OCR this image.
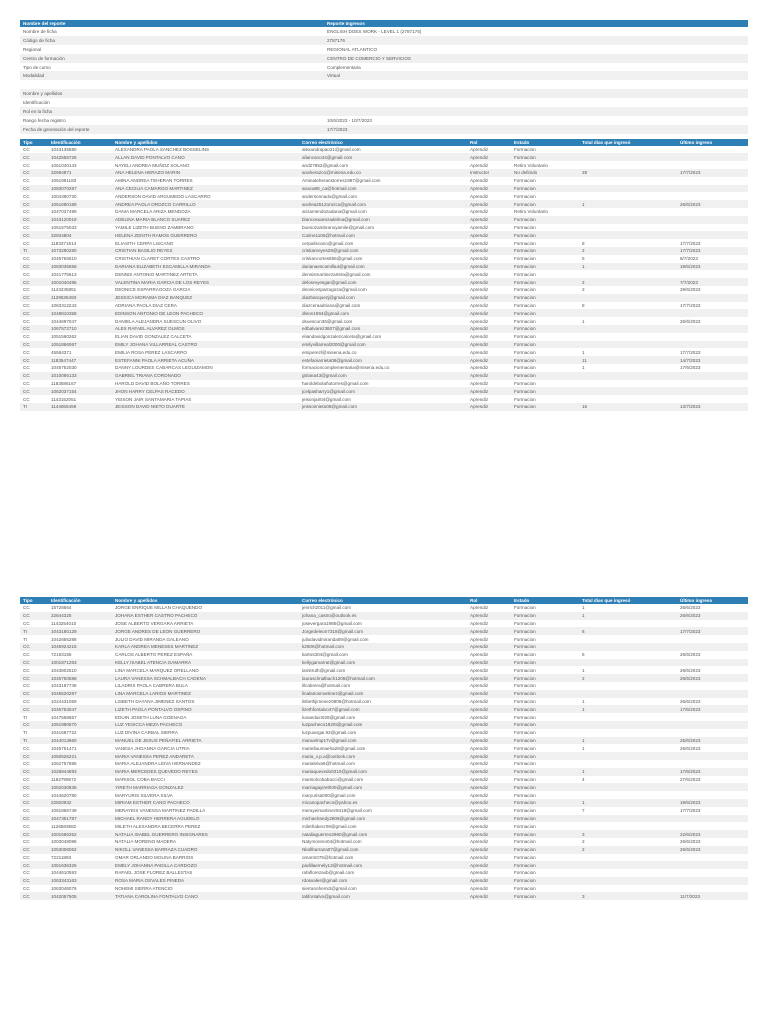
Nombre del reporte	Reporte Ingresos
Nombre de ficha	ENGLISH DOES WORK - LEVEL 1 (2787176)
Código de ficha	2787176
Regional	REGIONAL ATLANTICO
Centro de formación	CENTRO DE COMERCIO Y SERVICIOS
Tipo de curso	Complementaria
Modalidad	Virtual
Nombre y apellidos
Identificación
Rol en la ficha
Rango fecha registro	10/6/2023 - 10/7/2023
Fecha de generación del reporte	17/7/2023
Tipo	Identificación	Nombre y apellidos	Correo electrónico	Rol	Estado	Total días que ingresó	Último ingreso
CC	1043135580	ALEXANDRA PAOLA SANCHEZ BOSSELINS	alexandrapao21@gmail.com	Aprendiz	Formacion		
CC	1042555726	ALLAN DAVID PONTALVO CANO	allancano44@gmail.com	Aprendiz	Formacion		
CC	1061040143	NAYELI ANDREA MUÑOZ SOLANO	and27852@gmail.com	Aprendiz	Retiro Voluntario		
CC	32694871	ANA HELENA HERAZO MARIN	anaherazo1@misena.edu.co	Instructor	No definido	28	17/7/2023
CC	1051991183	AMINA ANDREA TEHERAN TORRES	Aminateheranstorres1987@gmail.com	Aprendiz	Formacion		
CC	1083070287	ANA CECILIA CAMARGO MARTINEZ	anaca88_ca@hotmail.com	Aprendiz	Formacion		
CC	1004380730	ANDERSON DAVID ARGUMEDO LASCARRO	andersonnadu@gmail.com	Aprendiz	Formacion		
CC	1051690189	ANDREA PAOLA OROZCO CARRILLO	andrea2512orozco@gmail.com	Aprendiz	Formacion	1	26/6/2023
CC	1047037499	DANIA MARCELA ARIZA MENDOZA	arizamendozadana@gmail.com	Aprendiz	Retiro Voluntario		
CC	1043120018	ADELINA MARIA BLANCO SUAREZ	blancosuarezadelina@gmail.com	Aprendiz	Formacion		
CC	1051575033	YAMILE LIZETH BUENO ZAMBRANO	buenozambranoyamile@gmail.com	Aprendiz	Formacion		
CC	32834804	HELENA ZENITH RAMOS GUERRERO	Carine1105@hotmail.com	Aprendiz	Formacion		
CC	1183371614	ELIASITH CERPA LISCANO	cerpaliscano@gmail.com	Aprendiz	Formacion	8	17/7/2023
TI	1073290280	CRISTIAN BASILIO REYES	cristianreyes28@gmail.com	Aprendiz	Formacion	2	17/7/2023
CC	1045765610	CRISTHIAN CLARET CORTES CASTRO	cristiancortes856@gmail.com	Aprendiz	Formacion	5	8/7/2023
CC	1083036658	DARIANA ELIZABETH ESCAMILLA MIRANDA	darianaescamilla4@gmail.com	Aprendiz	Formacion	1	19/6/2023
CC	1041775613	DENNIS ANTONIO MARTINEZ ARTETA	dennismartinezarteta@gmail.com	Aprendiz	Formacion		
CC	1001040485	VALENTINA MARIA GARCIA DE LOS REYES	delosreyesgar@gmail.com	Aprendiz	Formacion	2	7/7/2023
CC	1143235851	DEONICE ESPARRAGOZA GARCIA	deonicesparragoza@gmail.com	Aprendiz	Formacion	2	29/6/2023
CC	1129535493	JESSICA MORAIMA DIAZ BANQUEZ	diazbanquezj@gmail.com	Aprendiz	Formacion		
CC	1063312243	ADRIANA PAOLA DIAZ CERA	diazceraadriana@gmail.com	Aprendiz	Formacion	8	17/7/2023
CC	1048810358	EDINSON ANTONIO DE LEON PACHECO	dleon1594@gmail.com	Aprendiz	Formacion		
CC	1044697047	DANIELA ALEJANDRA SUESCUN OLIVO	dsuescun36@gmail.com	Aprendiz	Formacion	1	26/6/2023
CC	1067572710	ALEX RAFAEL ALVAREZ OLMOS	edbalvarez3607@gmail.com	Aprendiz	Formacion		
CC	1051560262	ELIAN DAVID GONZALEZ CALCETA	eliandavidgonzalezcalceta@gmail.com	Aprendiz	Formacion		
CC	1051866067	EMILY JOHANA VILLARREAL CASTRO	emilyvillarreal2000@gmail.com	Aprendiz	Formacion		
CC	45584371	EMILIA ROSA PEREZ LASCARRO	emiperezl@misena.edu.co	Aprendiz	Formacion	1	17/7/2023
CC	1183547447	ESTEFANNI PAOLA ARRIETA ACUÑA	estefaniarrieta08@gmail.com	Aprendiz	Formacion	11	14/7/2023
CC	1045752030	DANNY LOURDES CABARCAS LEGUIZAMON	formacioncomplementaria@misena.edu.co	Aprendiz	Formacion	1	17/6/2023
CC	1010086133	GABRIEL TRIANA CORONADO	gtriana43@gmail.com	Aprendiz	Formacion		
CC	1183586167	HAROLD DAVID BOLAÑO TORRES	haroldebolañotorres@gmail.com	Aprendiz	Formacion		
CC	1062037154	JHON HARRY CELPAS RACEDO	jcelpasharry1@gmail.com	Aprendiz	Formacion		
CC	1143152051	YEISON JAIR SANTAMARIA TAPIAS	jeisonjair04@gmail.com	Aprendiz	Formacion		
TI	1144065459	JEISSON DAVID NIETO DUARTE	jeissonnieto08@gmail.com	Aprendiz	Formacion	15	13/7/2023
Tipo	Identificación	Nombre y apellidos	Correo electrónico	Rol	Estado	Total días que ingresó	Último ingreso
CC	15728564	JORGE ENRIQUE MILLAN CHAQUENDO	jenrich2011@gmail.com	Aprendiz	Formacion	1	26/6/2023
CC	22644325	JOHANA ESTHER CASTRO PACHECO	johana_castro@outlook.es	Aprendiz	Formacion	1	26/6/2023
CC	1143254010	JOSE ALBERTO VERGARA ARRIETA	josevergara1985@gmail.com	Aprendiz	Formacion		
TI	1043180129	JORGE ANDRES DE LEON GUERRERO	Jorgedeleon7318@gmail.com	Aprendiz	Formacion	6	17/7/2023
TI	1042855288	JULIO DAVID MIRANDA GALEANO	juliodavidmiranda09@gmail.com	Aprendiz	Formacion		
CC	1045924215	KARLA ANDREA MENESES MARTINEZ	k2506@hotmail.com	Aprendiz	Formacion		
CC	72193155	CARLOS ALBERTO PEREZ ESPAÑA	kartos304@gmail.com	Aprendiz	Formacion	5	26/6/2023
CC	1001871263	KELLY ISABEL ATENCIA GAMARRA	kellygamarrat@gmail.com	Aprendiz	Formacion		
CC	1043802510	LINA MARCELA MARQUEZ ORELLANO	lamitruth@gmail.com	Aprendiz	Formacion	1	26/6/2023
CC	1045750588	LAURA VANESSA SCHMALBACH CADENA	laurasclmalbach1208@hotmail.com	Aprendiz	Formacion	2	26/6/2023
CC	1043167748	LILADRIS PAOLA CABRERA BULA	lilcabrera@hotmail.com	Aprendiz	Formacion		
CC	1045520287	LINA MARCELA LARIOS MARTINEZ	linalariosmartinez@gmail.com	Aprendiz	Formacion		
CC	1024431059	LISBETH DAYANA JIMENEZ SANTOS	lisbethjimenez0809@hotmail.com	Aprendiz	Formacion	1	26/6/2023
CC	1045753047	LIZETH PAOLA PONTALVO OSPINO	lizethfontalvo47@gmail.com	Aprendiz	Formacion	1	17/6/2023
TI	1047558667	EDUIN JOSETH LUNA GOENAGA	lunaeduin028@gmail.com	Aprendiz	Formacion		
CC	1051990570	LUZ YESICCA MEZA PACHECO	luzpacheco1820t@gmail.com	Aprendiz	Formacion		
TI	1041687722	LUZ DIVINA CARBAL SIERRA	luzpuangai.93@gmail.com	Aprendiz	Formacion		
TI	1044013660	MANUEL DE JESUS PEÑAFIEL ARRIETA	manuelmp17v@gmail.com	Aprendiz	Formacion	1	25/6/2023
CC	1045751471	VANESA JHOANNA GARCIA UTRIA	mariellaumaeha28@gmail.com	Aprendiz	Formacion	1	26/6/2023
CC	1050525221	MARIA VANESSA PEREZ ANDARETA	maria_v.p.a@outlook.com	Aprendiz	Formacion		
CC	1062757685	MARIA ALEJANDRA LEIVA HERNANDEZ	marialeiva9@hotmail.com	Aprendiz	Formacion		
CC	1026844893	MARIA MERCEDES QUEVEDO REYES	mariaquevedo0310@gmail.com	Aprendiz	Formacion	1	17/6/2023
CC	1182799572	MARISOL COBA BACCI	marisolcobabacci@gmail.com	Aprendiz	Formacion	4	27/6/2023
CC	1052030836	YIRETH MARRIAGA GONZALEZ	marriagayireth00@gmail.com	Aprendiz	Formacion		
CC	1044620780	MARYURIS SILVERA SILVA	maryurisa000@gmail.com	Aprendiz	Formacion		
CC	22820932	MIRIAM ESTHER CANO PACHECO	micanopacheco@yahoo.es	Aprendiz	Formacion	1	19/6/2023
CC	1051866749	MERAYEIS VANESSA MARTINEZ PADILLA	merayeimartinez9418@gmail.com	Aprendiz	Formacion	7	17/7/2023
CC	1047351787	MICHAEL RANDY HERRERA AGUDELO	michaelrandy2608@gmail.com	Aprendiz	Formacion		
CC	1126583682	MILETH ALEXANDRA BECERRA PEREZ	milethabecr09@gmail.com	Aprendiz	Formacion		
CC	1001566252	NATALIA ISABEL GUERRERO INSIGNARES	nataliaguerreo2960@gmail.com	Aprendiz	Formacion	3	22/6/2023
CC	1003048086	NATALIA MORENO MADERA	Natymoreno04@hotmail.com	Aprendiz	Formacion	2	26/6/2023
CC	1053006062	NIKOLL VANESSA BARRAZA CUADRO	Nkollbarraza07@gmail.com	Aprendiz	Formacion	2	26/6/2023
CC	72211893	OMAR ORLANDO MOLINA BARRIOS	omarm075@hotmail.com	Aprendiz	Formacion		
CC	1051636326	EMELY JOHANNA PADILLA CARDOZO	padillaemely13@hotmail.com	Aprendiz	Formacion		
CC	1044610593	RAFAEL JOSE FLOREZ BALLESTAS	rafaflorezaxb@gmail.com	Aprendiz	Formacion		
CC	1063343163	ROSA MARIA OSVALES PINEDA	rdosvales@gmail.com	Aprendiz	Formacion		
CC	1063046076	NOHEMI SIERRA ATENCIO	sierranohemi3@gmail.com	Aprendiz	Formacion		
CC	1042057505	TATIANA CAROLINA FONTALVO CANO	tatifontalvo@gmail.com	Aprendiz	Formacion	3	11/7/2023
